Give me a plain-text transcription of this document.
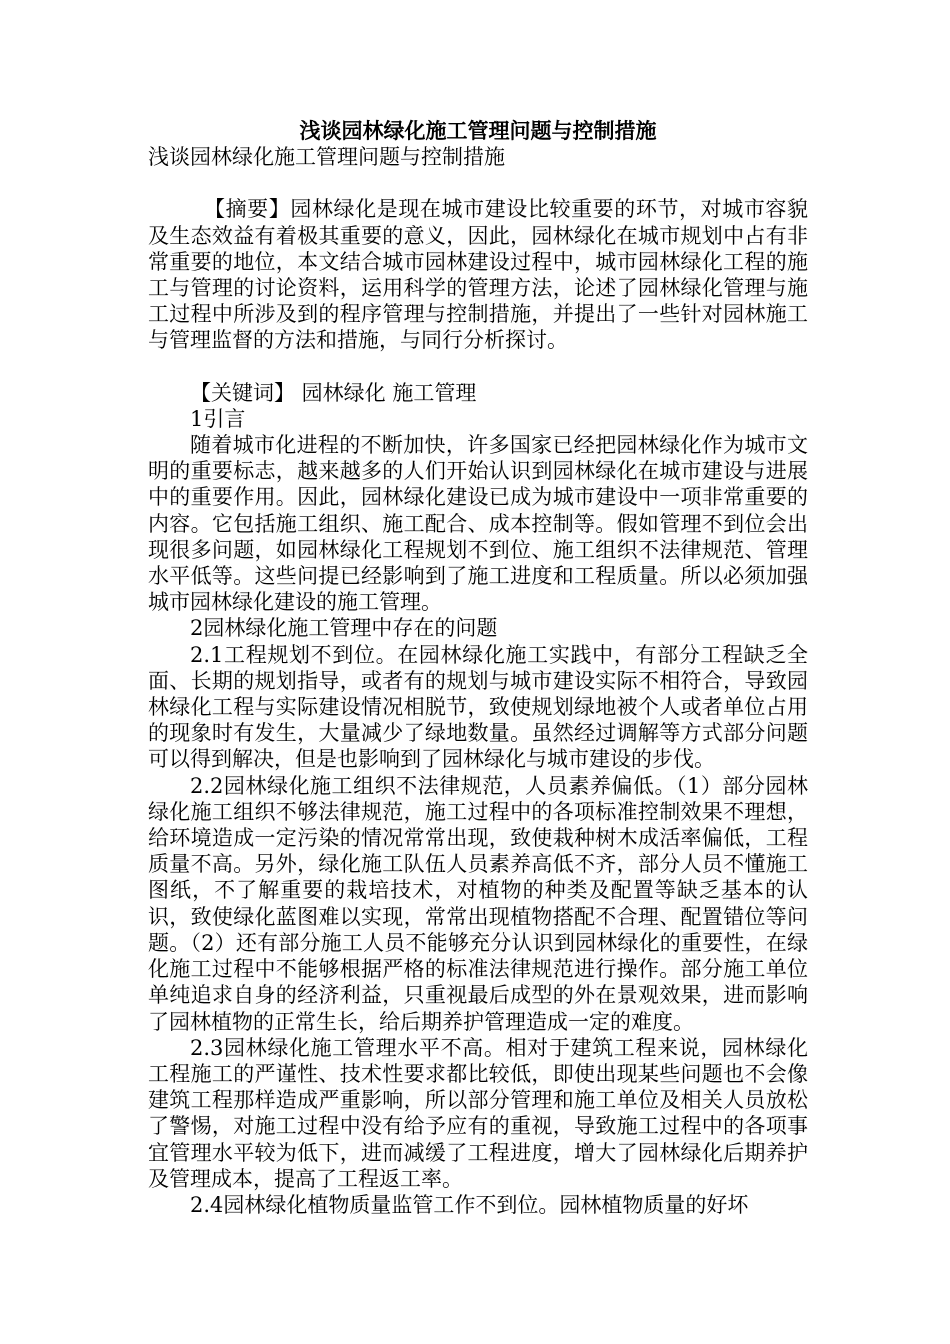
浅谈园林绿化施工管理问题与控制措施

浅谈园林绿化施工管理问题与控制措施

【摘要】园林绿化是现在城市建设比较重要的环节，对城市容貌及生态效益有着极其重要的意义，因此，园林绿化在城市规划中占有非常重要的地位，本文结合城市园林建设过程中，城市园林绿化工程的施工与管理的讨论资料，运用科学的管理方法，论述了园林绿化管理与施工过程中所涉及到的程序管理与控制措施，并提出了一些针对园林施工与管理监督的方法和措施，与同行分析探讨。

【关键词】 园林绿化 施工管理

1引言

随着城市化进程的不断加快，许多国家已经把园林绿化作为城市文明的重要标志，越来越多的人们开始认识到园林绿化在城市建设与进展中的重要作用。因此，园林绿化建设已成为城市建设中一项非常重要的内容。它包括施工组织、施工配合、成本控制等。假如管理不到位会出现很多问题，如园林绿化工程规划不到位、施工组织不法律规范、管理水平低等。这些问提已经影响到了施工进度和工程质量。所以必须加强城市园林绿化建设的施工管理。

2园林绿化施工管理中存在的问题

2.1工程规划不到位。在园林绿化施工实践中，有部分工程缺乏全面、长期的规划指导，或者有的规划与城市建设实际不相符合，导致园林绿化工程与实际建设情况相脱节，致使规划绿地被个人或者单位占用的现象时有发生，大量减少了绿地数量。虽然经过调解等方式部分问题可以得到解决，但是也影响到了园林绿化与城市建设的步伐。

2.2园林绿化施工组织不法律规范，人员素养偏低。（1）部分园林绿化施工组织不够法律规范，施工过程中的各项标准控制效果不理想，给环境造成一定污染的情况常常出现，致使栽种树木成活率偏低，工程质量不高。另外，绿化施工队伍人员素养高低不齐，部分人员不懂施工图纸，不了解重要的栽培技术，对植物的种类及配置等缺乏基本的认识，致使绿化蓝图难以实现，常常出现植物搭配不合理、配置错位等问题。（2）还有部分施工人员不能够充分认识到园林绿化的重要性，在绿化施工过程中不能够根据严格的标准法律规范进行操作。部分施工单位单纯追求自身的经济利益，只重视最后成型的外在景观效果，进而影响了园林植物的正常生长，给后期养护管理造成一定的难度。

2.3园林绿化施工管理水平不高。相对于建筑工程来说，园林绿化工程施工的严谨性、技术性要求都比较低，即使出现某些问题也不会像建筑工程那样造成严重影响，所以部分管理和施工单位及相关人员放松了警惕，对施工过程中没有给予应有的重视，导致施工过程中的各项事宜管理水平较为低下，进而减缓了工程进度，增大了园林绿化后期养护及管理成本，提高了工程返工率。

2.4园林绿化植物质量监管工作不到位。园林植物质量的好坏
